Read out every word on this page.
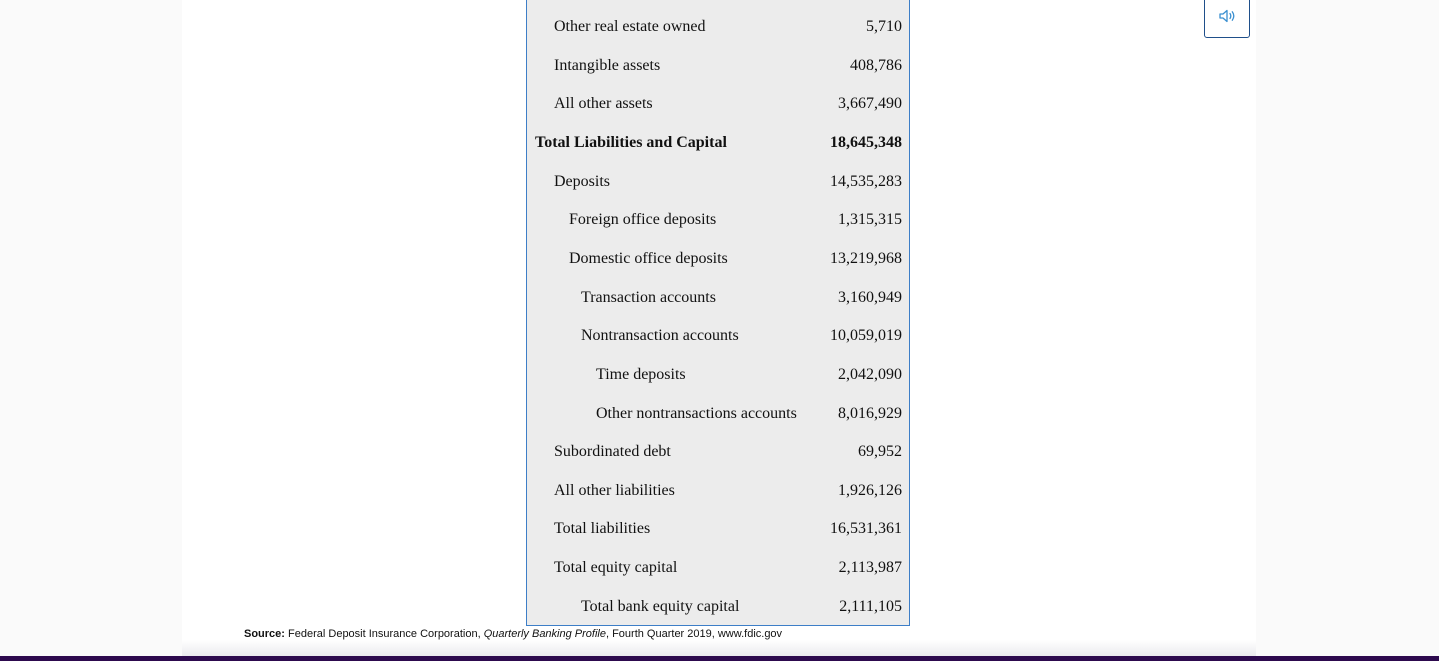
Other real estate owned	5,710
Intangible assets	408,786
All other assets	3,667,490
Total Liabilities and Capital	18,645,348
Deposits	14,535,283
Foreign office deposits	1,315,315
Domestic office deposits	13,219,968
Transaction accounts	3,160,949
Nontransaction accounts	10,059,019
Time deposits	2,042,090
Other nontransactions accounts	8,016,929
Subordinated debt	69,952
All other liabilities	1,926,126
Total liabilities	16,531,361
Total equity capital	2,113,987
Total bank equity capital	2,111,105
Source: Federal Deposit Insurance Corporation, Quarterly Banking Profile, Fourth Quarter 2019, www.fdic.gov
